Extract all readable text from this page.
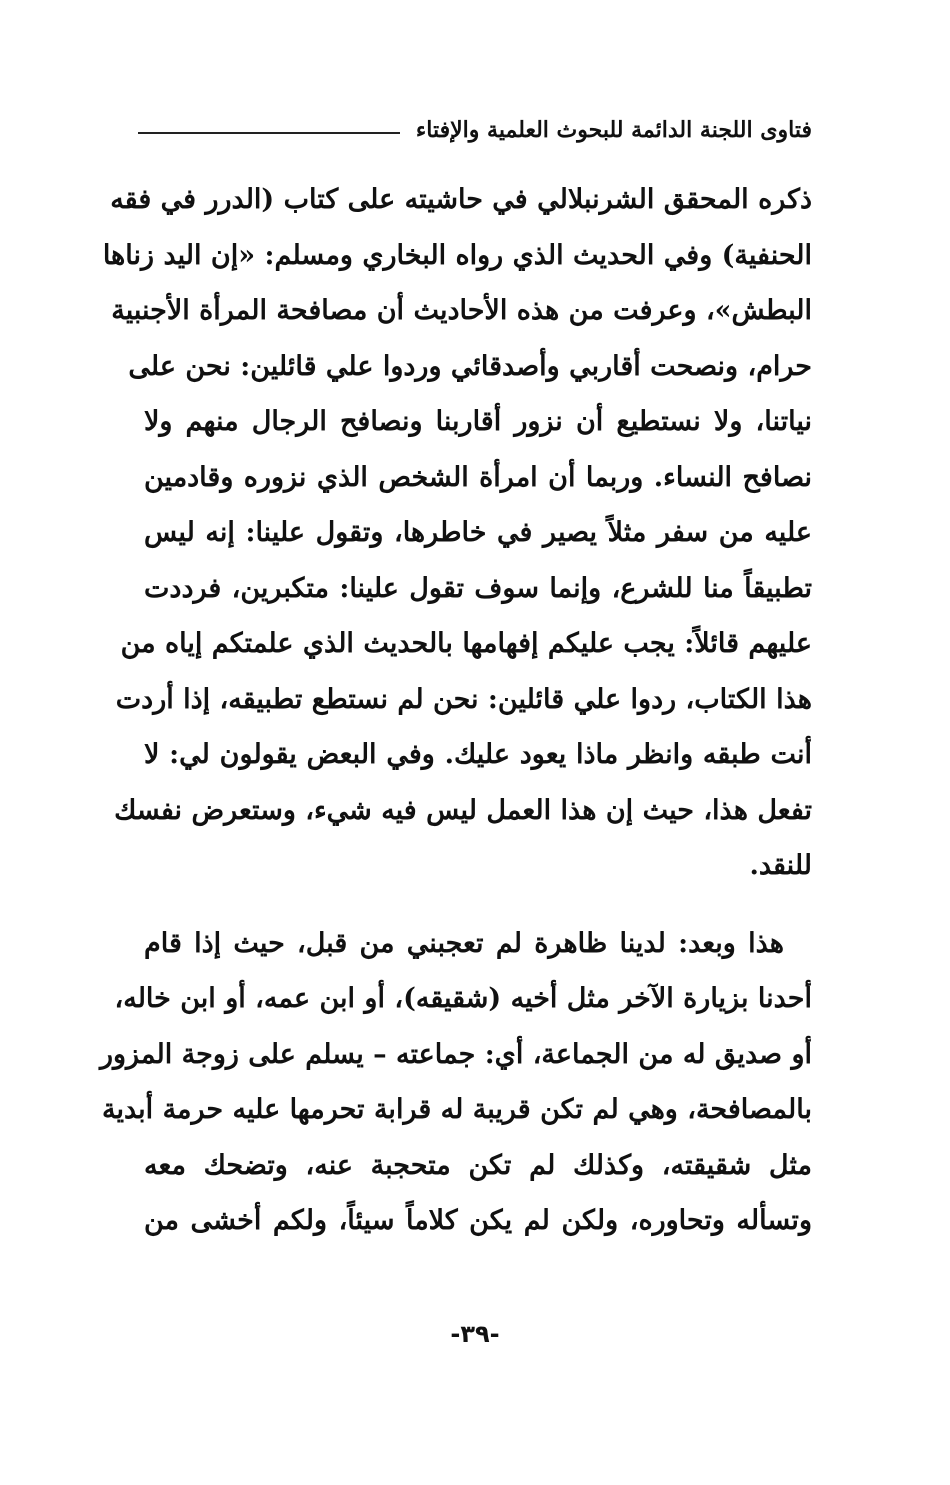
فتاوى اللجنة الدائمة للبحوث العلمية والإفتاء
ذكره المحقق الشرنبلالي في حاشيته على كتاب (الدرر في فقه
الحنفية) وفي الحديث الذي رواه البخاري ومسلم: «إن اليد زناها
البطش»، وعرفت من هذه الأحاديث أن مصافحة المرأة الأجنبية
حرام، ونصحت أقاربي وأصدقائي وردوا علي قائلين: نحن على
نياتنا، ولا نستطيع أن نزور أقاربنا ونصافح الرجال منهم ولا
نصافح النساء. وربما أن امرأة الشخص الذي نزوره وقادمين
عليه من سفر مثلاً يصير في خاطرها، وتقول علينا: إنه ليس
تطبيقاً منا للشرع، وإنما سوف تقول علينا: متكبرين، فرددت
عليهم قائلاً: يجب عليكم إفهامها بالحديث الذي علمتكم إياه من
هذا الكتاب، ردوا علي قائلين: نحن لم نستطع تطبيقه، إذا أردت
أنت طبقه وانظر ماذا يعود عليك. وفي البعض يقولون لي: لا
تفعل هذا، حيث إن هذا العمل ليس فيه شيء، وستعرض نفسك
للنقد.
هذا وبعد: لدينا ظاهرة لم تعجبني من قبل، حيث إذا قام
أحدنا بزيارة الآخر مثل أخيه (شقيقه)، أو ابن عمه، أو ابن خاله،
أو صديق له من الجماعة، أي: جماعته – يسلم على زوجة المزور
بالمصافحة، وهي لم تكن قريبة له قرابة تحرمها عليه حرمة أبدية
مثل شقيقته، وكذلك لم تكن متحجبة عنه، وتضحك معه
وتسأله وتحاوره، ولكن لم يكن كلاماً سيئاً، ولكم أخشى من
-٣٩-
